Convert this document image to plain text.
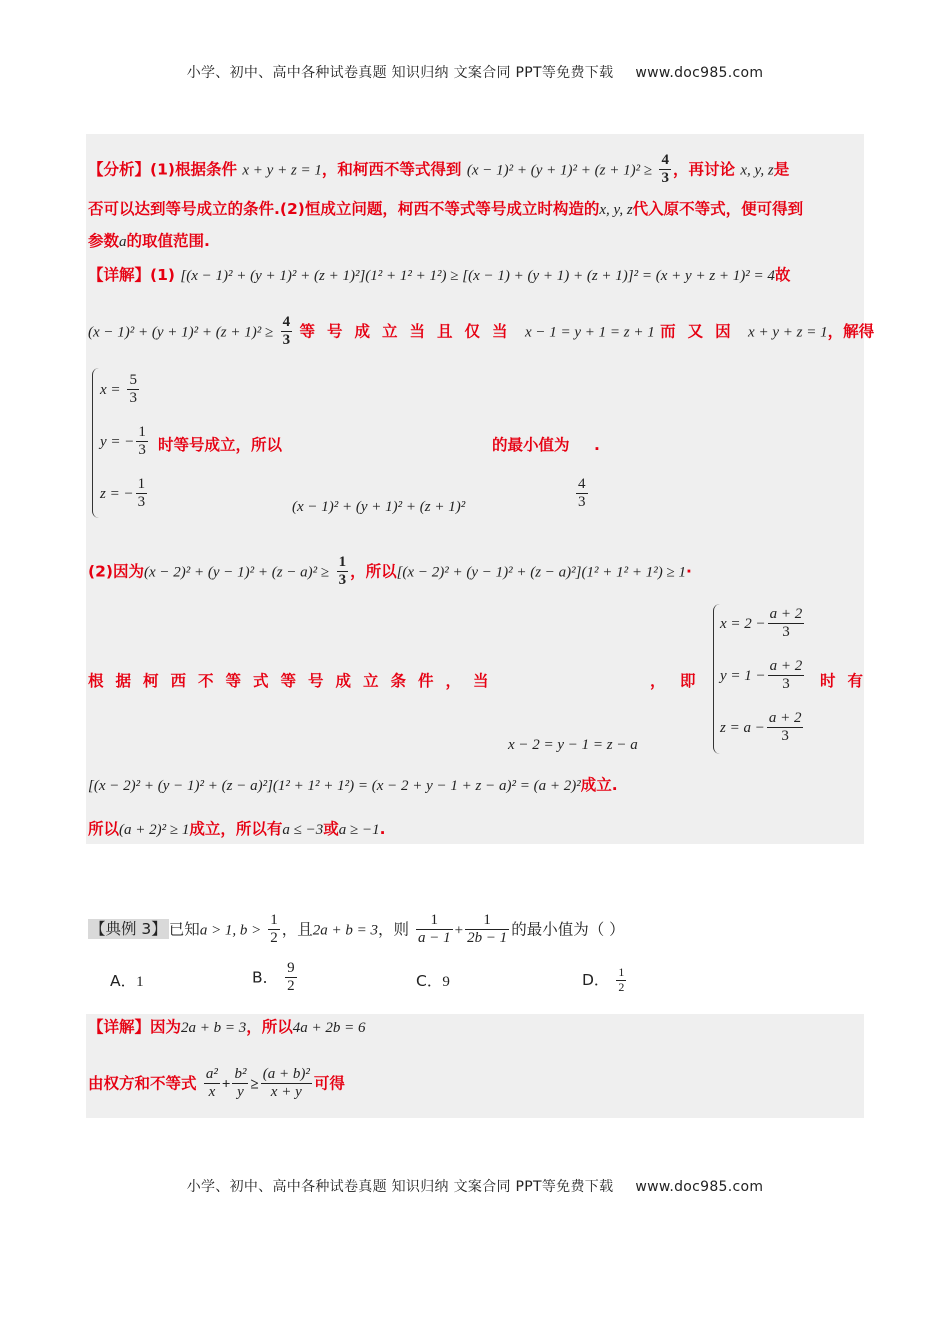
小学、初中、高中各种试卷真题 知识归纳 文案合同 PPT等免费下载 www.doc985.com
【分析】(1)根据条件 x + y + z = 1，和柯西不等式得到 $(x - 1)^2 + (y + 1)^2 + (z + 1)^2 \ge \frac{4}{3}$ ，再讨论 x, y, z是
否可以达到等号成立的条件.(2)恒成立问题，柯西不等式等号成立时构造的x, y, z代入原不等式，便可得到
参数a的取值范围.
【详解】(1) [(x − 1)² + (y + 1)² + (z + 1)²](1² + 1² + 1²) ≥ [(x − 1) + (y + 1) + (z + 1)]² = (x + y + z + 1)² = 4故
$(x - 1)^2 + (y + 1)^2 + (z + 1)^2 \ge \frac{4}{3}$ 等号成立当且仅当 x − 1 = y + 1 = z + 1 而又因 x + y + z = 1，解得
$x = \frac{5}{3}$
y = − $\frac{1}{3}$
z = − $\frac{1}{3}$
时等号成立，所以	的最小值为 .
(x − 1)² + (y + 1)² + (z + 1)²	$\frac{4}{3}$
(2)因为$(x - 2)^2 + (y - 1)^2 + (z - a)^2 \ge \frac{1}{3}$ ，所以[(x − 2)² + (y − 1)² + (z − a)²](1² + 1² + 1²) ≥ 1·
根据柯西不等式等号成立条件，当	， 即	时有
x − 2 = y − 1 = z − a
$x = 2 - \frac{a + 2}{3}$
$y = 1 - \frac{a + 2}{3}$
$z = a - \frac{a + 2}{3}$
[(x − 2)² + (y − 1)² + (z − a)²](1² + 1² + 1²) = (x − 2 + y − 1 + z − a)² = (a + 2)²成立.
所以(a + 2)² ≥ 1成立，所以有a ≤ −3或a ≥ −1.
【典例 3】 已知a > 1, $b > \frac{1}{2}$ ，且2a + b = 3，则 $\frac{1}{a - 1} + \frac{1}{2b - 1}$ 的最小值为（ ）
A．1	B． $\frac{9}{2}$	C．9	D． $\frac{1}{2}$
【详解】因为2a + b = 3，所以4a + 2b = 6
由权方和不等式 $\frac{\text{a²}}{x} + \frac{\text{b²}}{y} \ge \frac{\text{(a + b)²}}{x + y}$ 可得
小学、初中、高中各种试卷真题 知识归纳 文案合同 PPT等免费下载 www.doc985.com
